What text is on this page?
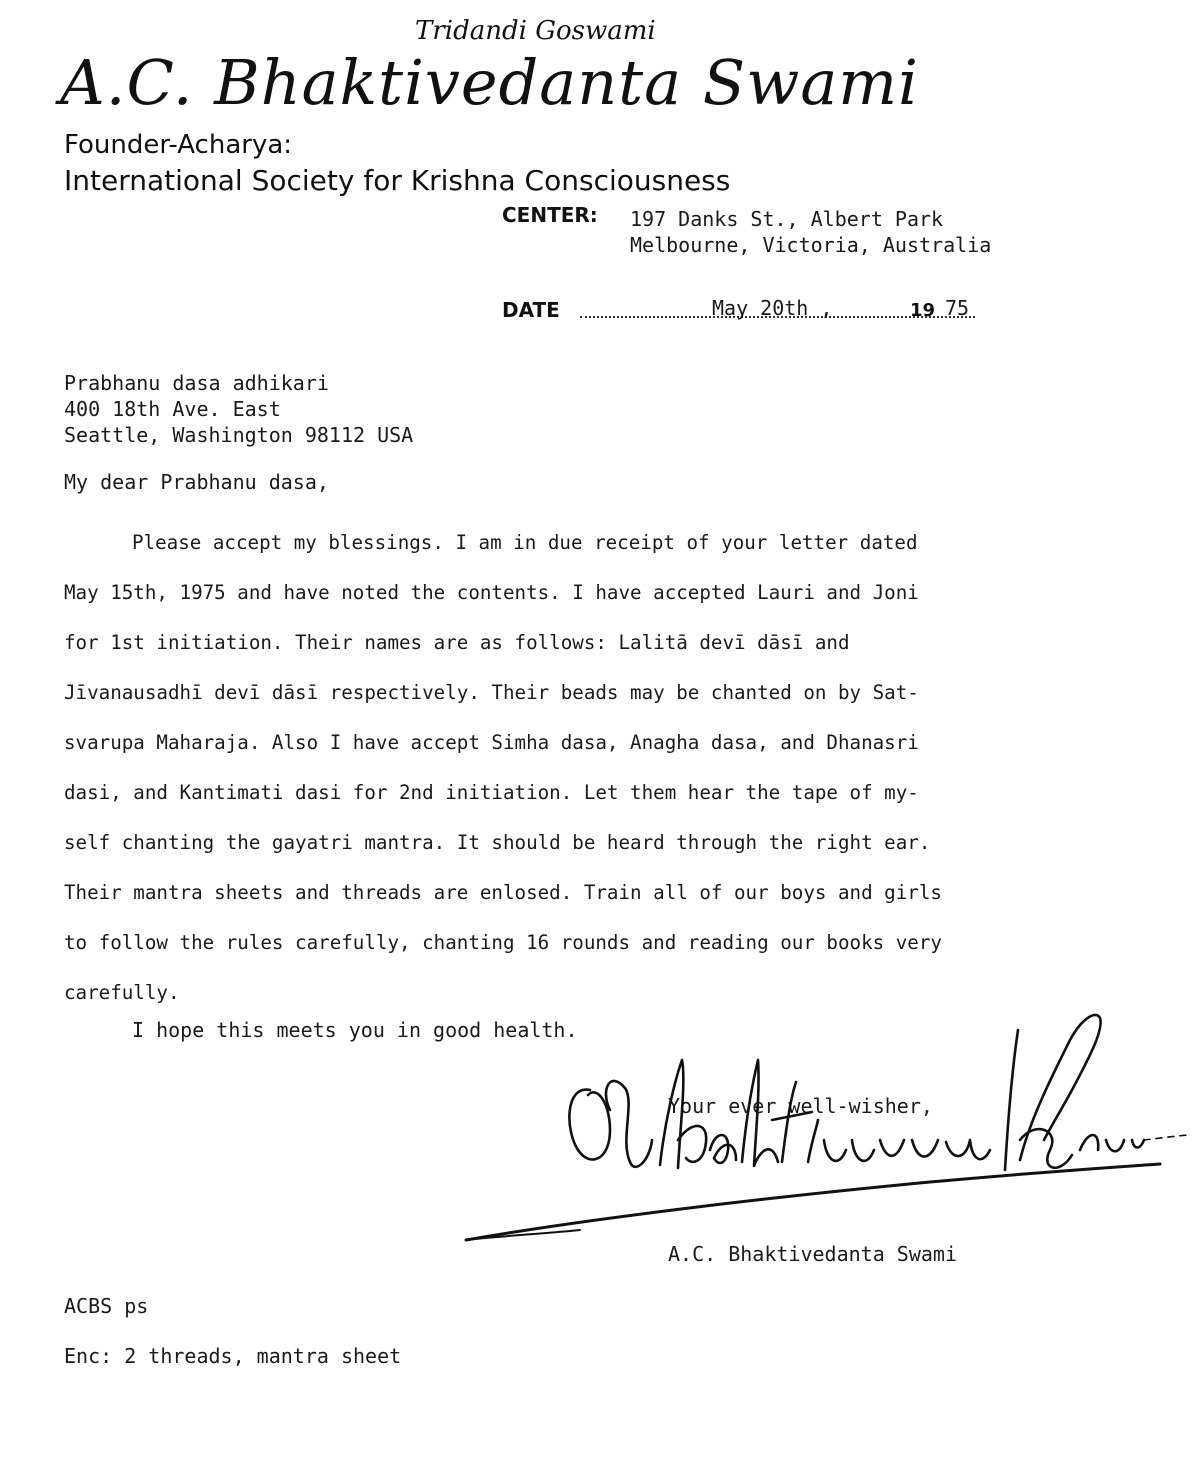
Tridandi Goswami
A.C. Bhaktivedanta Swami
Founder-Acharya:
International Society for Krishna Consciousness
CENTER: 197 Danks St., Albert Park
Melbourne, Victoria, Australia
DATE	May 20th ,	19 75
Prabhanu dasa adhikari
400 18th Ave. East
Seattle, Washington 98112 USA
My dear Prabhanu dasa,
Please accept my blessings. I am in due receipt of your letter dated
May 15th, 1975 and have noted the contents. I have accepted Lauri and Joni
for 1st initiation. Their names are as follows: Lalitā devī dāsī and
Jīvanausadhī devī dāsī respectively. Their beads may be chanted on by Sat-
svarupa Maharaja. Also I have accept Simha dasa, Anagha dasa, and Dhanasri
dasi, and Kantimati dasi for 2nd initiation. Let them hear the tape of my-
self chanting the gayatri mantra. It should be heard through the right ear.
Their mantra sheets and threads are enlosed. Train all of our boys and girls
to follow the rules carefully, chanting 16 rounds and reading our books very
carefully.
I hope this meets you in good health.
Your ever well-wisher,
A.C. Bhaktivedanta Swami
ACBS ps
Enc: 2 threads, mantra sheet
